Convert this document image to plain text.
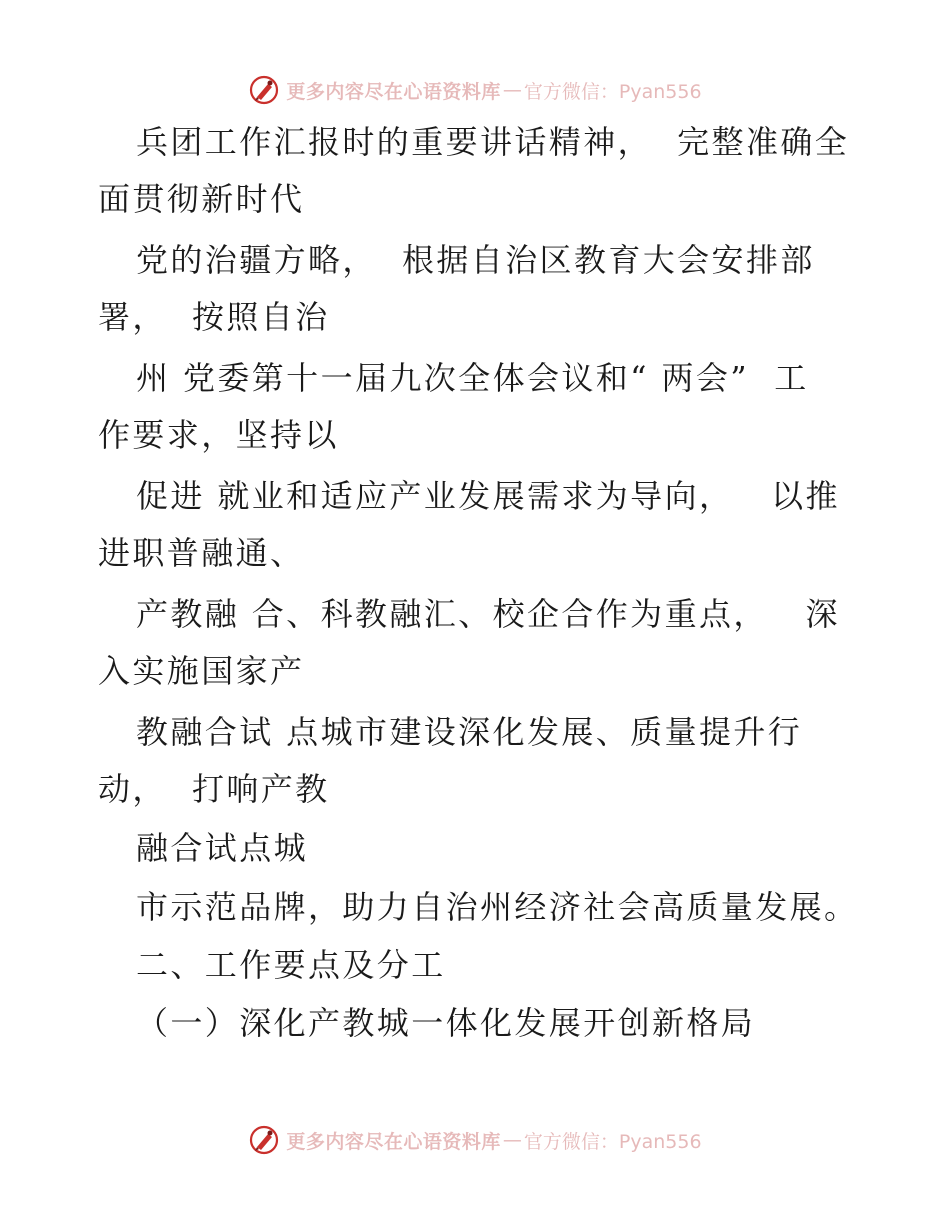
更多内容尽在心语资料库 — 官方微信：Pyan556
兵团工作汇报时的重要讲话精神，  完整准确全
面贯彻新时代
党的治疆方略，  根据自治区教育大会安排部
署，  按照自治
州 党委第十一届九次全体会议和“ 两会”  工
作要求，坚持以
促进 就业和适应产业发展需求为导向，   以推
进职普融通、
产教融 合、科教融汇、校企合作为重点，   深
入实施国家产
教融合试 点城市建设深化发展、质量提升行
动，  打响产教
融合试点城
市示范品牌，助力自治州经济社会高质量发展。
二、工作要点及分工
（一）深化产教城一体化发展开创新格局
更多内容尽在心语资料库 — 官方微信：Pyan556
